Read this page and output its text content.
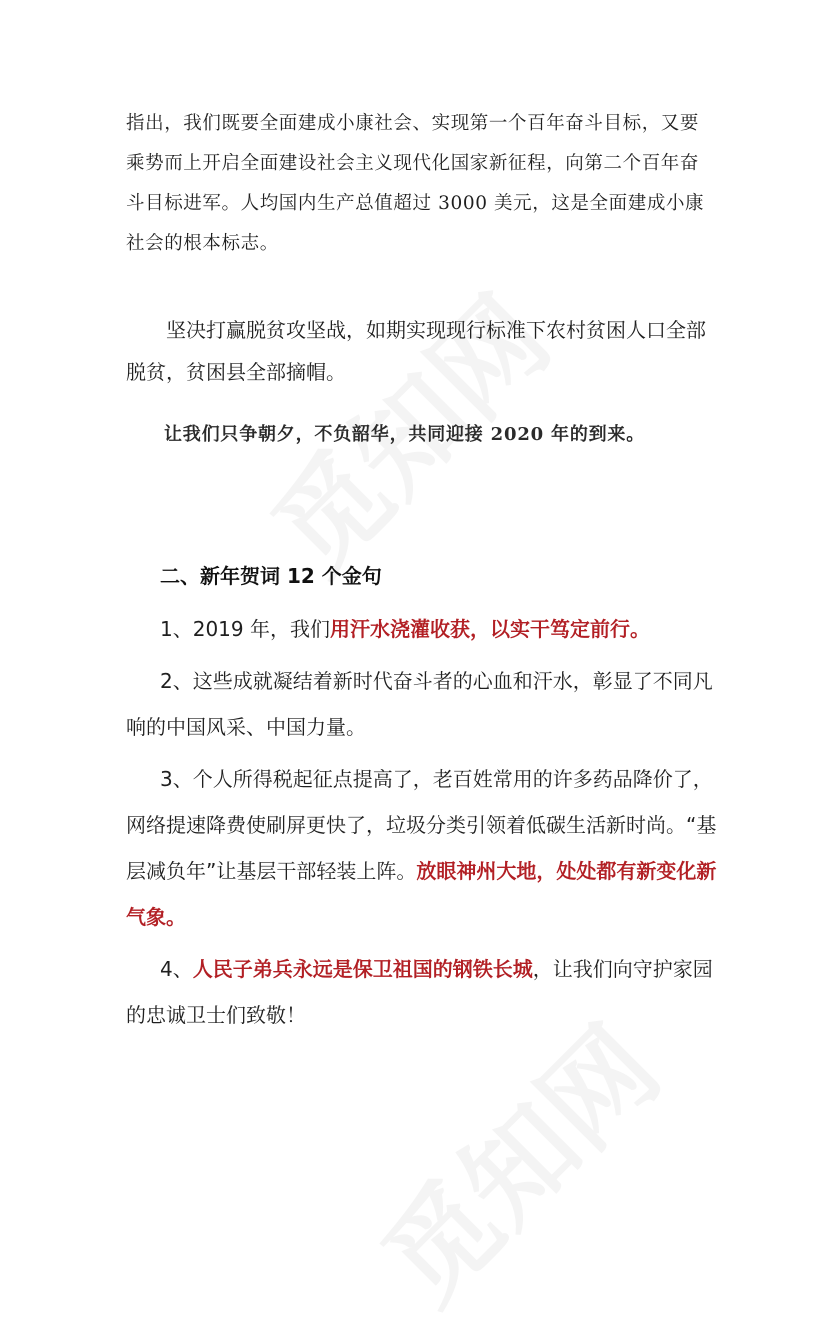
指出，我们既要全面建成小康社会、实现第一个百年奋斗目标，又要乘势而上开启全面建设社会主义现代化国家新征程，向第二个百年奋斗目标进军。人均国内生产总值超过 3000 美元，这是全面建成小康社会的根本标志。

坚决打赢脱贫攻坚战，如期实现现行标准下农村贫困人口全部脱贫，贫困县全部摘帽。

让我们只争朝夕，不负韶华，共同迎接 2020 年的到来。

二、新年贺词 12 个金句

1、2019 年，我们用汗水浇灌收获，以实干笃定前行。

2、这些成就凝结着新时代奋斗者的心血和汗水，彰显了不同凡响的中国风采、中国力量。

3、个人所得税起征点提高了，老百姓常用的许多药品降价了，网络提速降费使刷屏更快了，垃圾分类引领着低碳生活新时尚。“基层减负年”让基层干部轻装上阵。放眼神州大地，处处都有新变化新气象。

4、人民子弟兵永远是保卫祖国的钢铁长城，让我们向守护家园的忠诚卫士们致敬！
